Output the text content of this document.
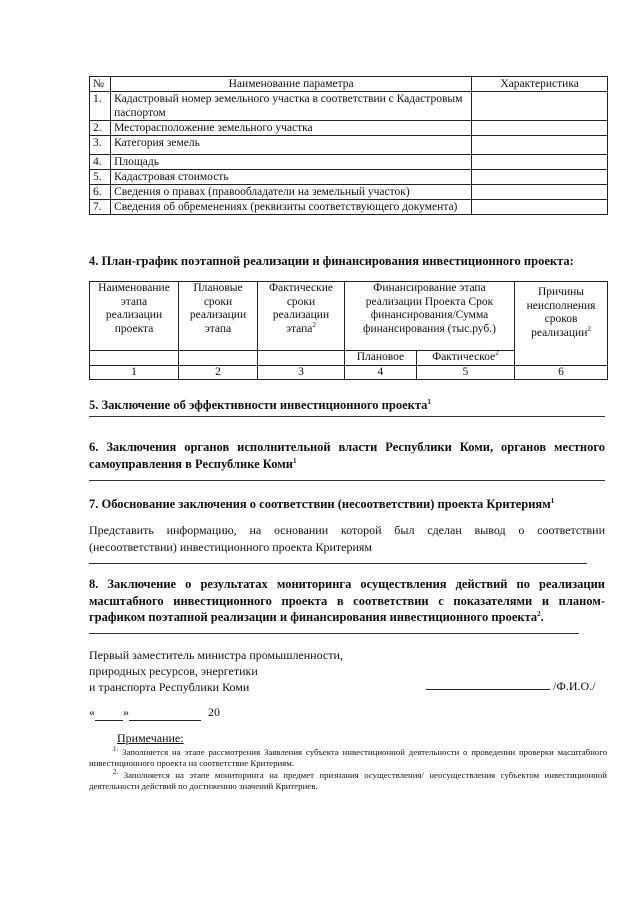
№	Наименование параметра	Характеристика
1.	Кадастровый номер земельного участка в соответствии с Кадастровым паспортом	
2.	Месторасположение земельного участка	
3.	Категория земель	
4.	Площадь	
5.	Кадастровая стоимость	
6.	Сведения о правах (правообладатели на земельный участок)	
7.	Сведения об обременениях (реквизиты соответствующего документа)	
4. План-график поэтапной реализации и финансирования инвестиционного проекта:
Наименование этапа реализации проекта	Плановые сроки реализации этапа	Фактические сроки реализации этапа$^2$	Финансирование этапа реализации Проекта Срок финансирования/Сумма финансирования (тыс.руб.)		Причины неисполнения сроков реализации$^2$
			Плановое	Фактическое$^2$
1	2	3	4	5	6
5. Заключение об эффективности инвестиционного проекта$^1$
6. Заключения органов исполнительной власти Республики Коми, органов местного самоуправления в Республике Коми$^1$
7. Обоснование заключения о соответствии (несоответствии) проекта Критериям$^1$
Представить информацию, на основании которой был сделан вывод о соответствии (несоответствии) инвестиционного проекта Критериям
8. Заключение о результатах мониторинга осуществления действий по реализации масштабного инвестиционного проекта в соответствии с показателями и планом-графиком поэтапной реализации и финансирования инвестиционного проекта$^2$.
Первый заместитель министра промышленности,
природных ресурсов, энергетики
и транспорта Республики Коми	/Ф.И.О./
« »	20
Примечание:
$^{1.}$ Заполняется на этапе рассмотрения Заявления субъекта инвестиционной деятельности о проведении проверки масштабного инвестиционного проекта на соответствие Критериям.
$^{2.}$ Заполняется на этапе мониторинга на предмет признания осуществления/ неосуществления субъектом инвестиционной деятельности действий по достижению значений Критериев.
